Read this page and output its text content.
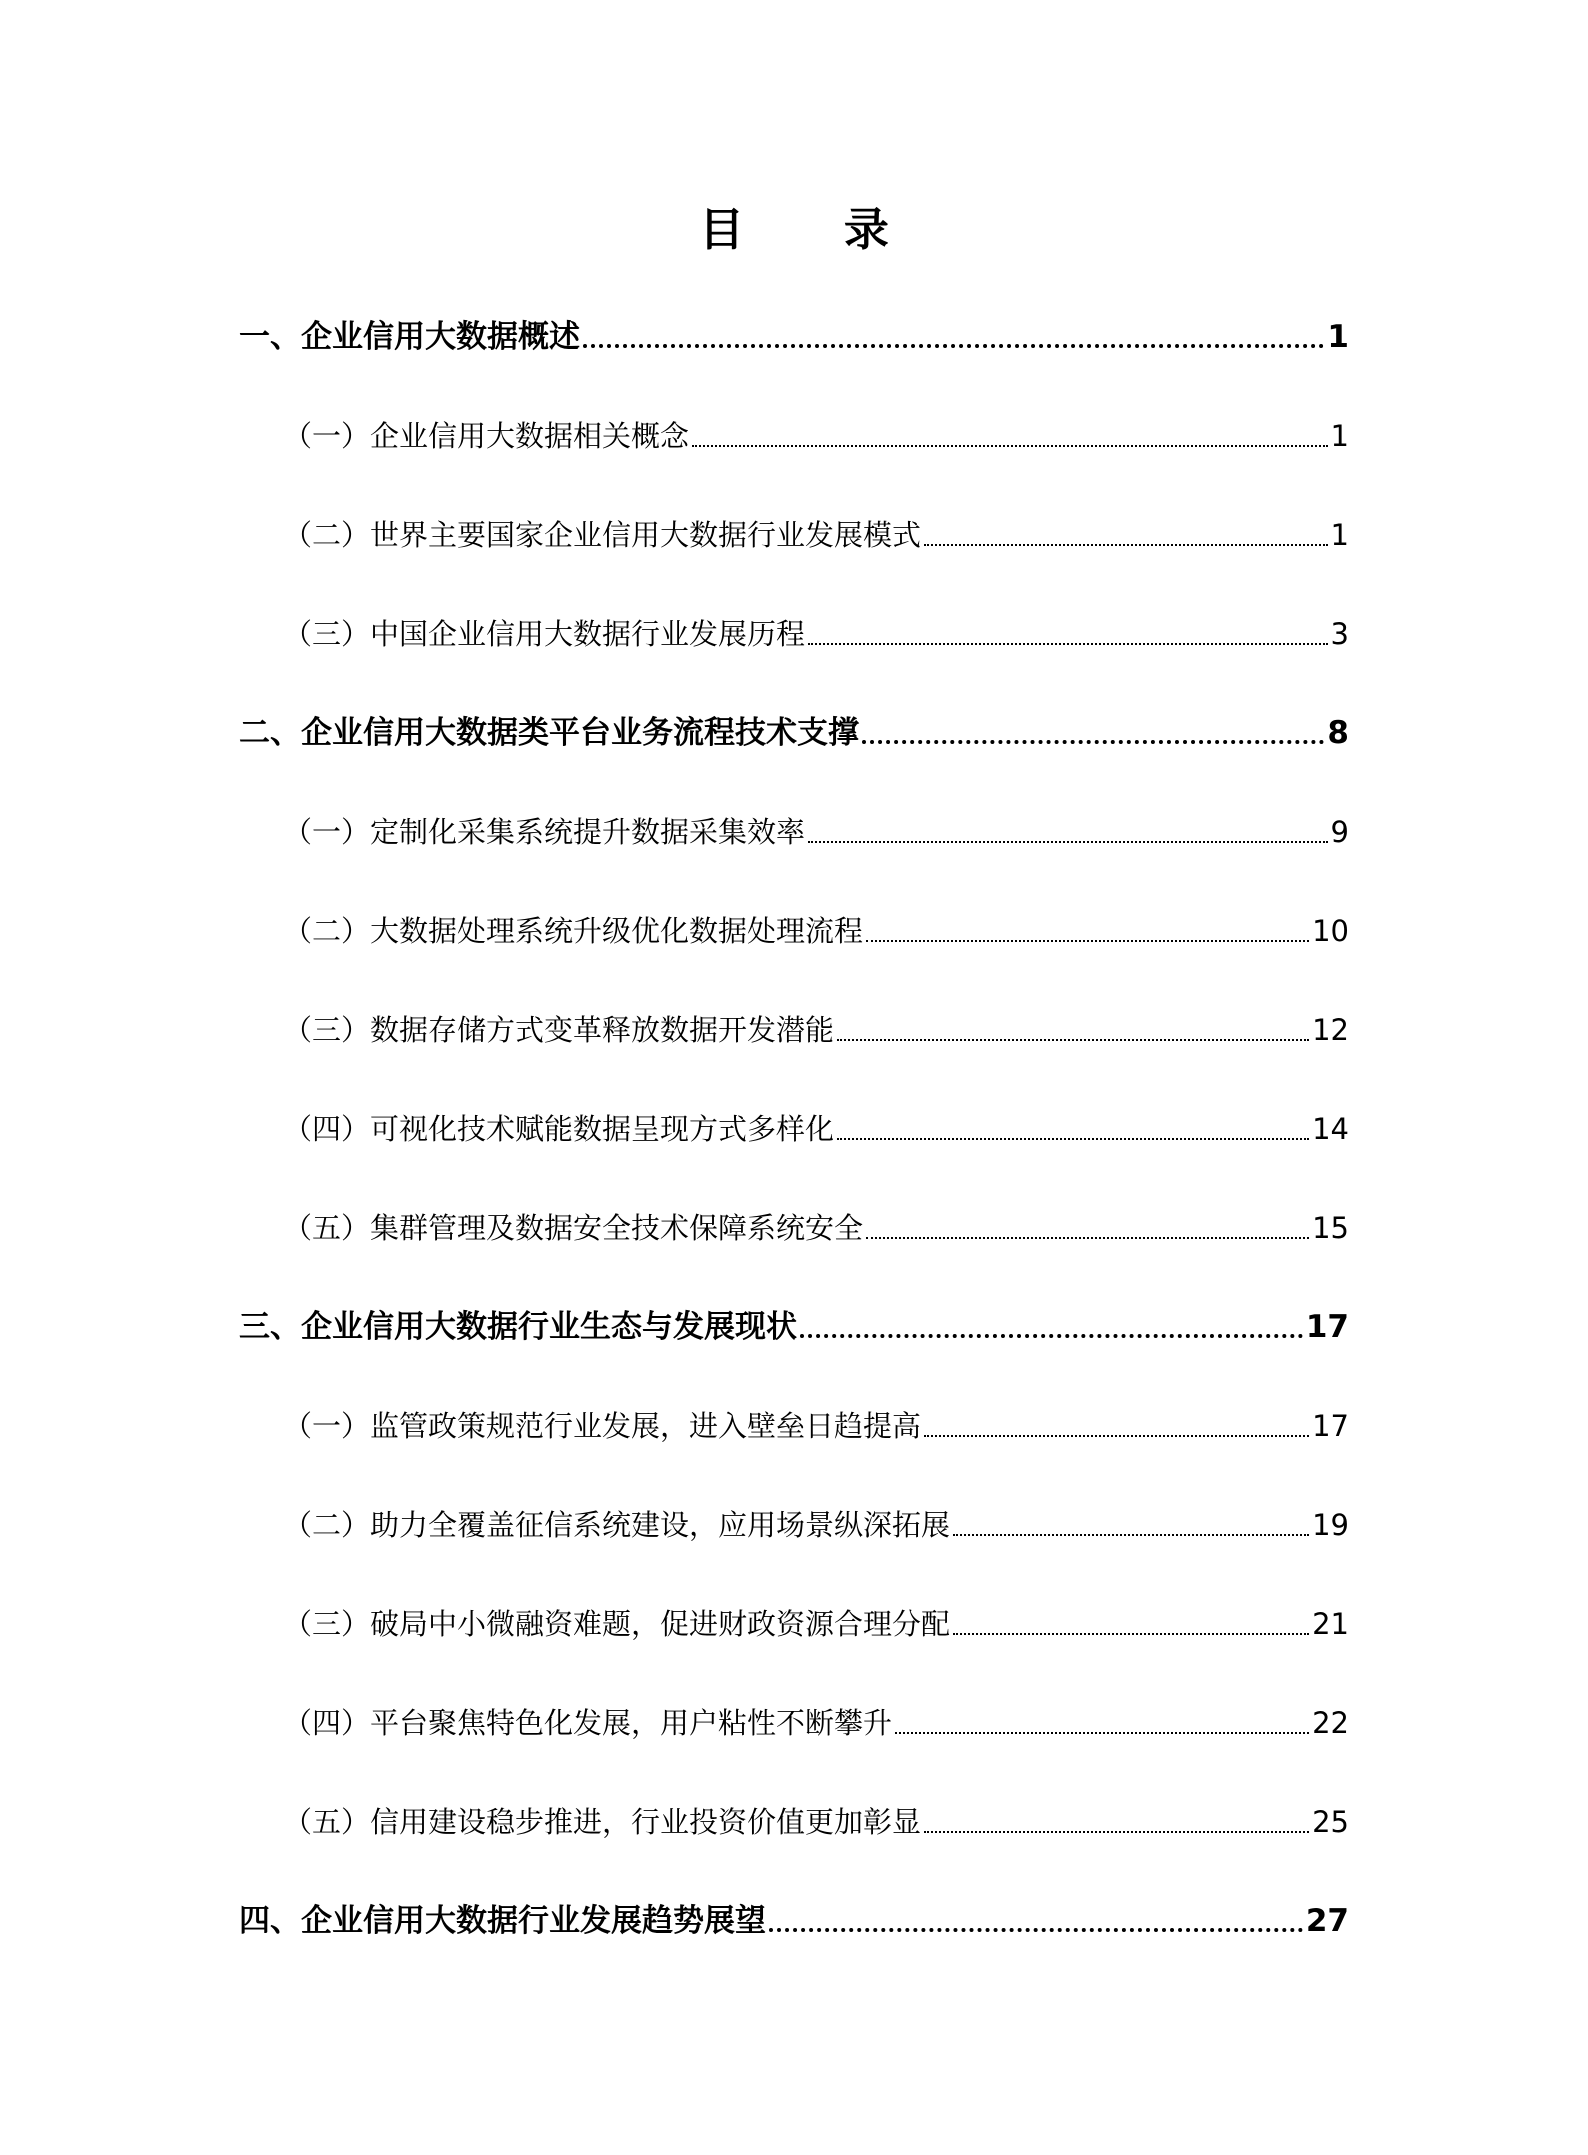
目 录
一、企业信用大数据概述	1
（一）企业信用大数据相关概念	1
（二）世界主要国家企业信用大数据行业发展模式	1
（三）中国企业信用大数据行业发展历程	3
二、企业信用大数据类平台业务流程技术支撑	8
（一）定制化采集系统提升数据采集效率	9
（二）大数据处理系统升级优化数据处理流程	10
（三）数据存储方式变革释放数据开发潜能	12
（四）可视化技术赋能数据呈现方式多样化	14
（五）集群管理及数据安全技术保障系统安全	15
三、企业信用大数据行业生态与发展现状	17
（一）监管政策规范行业发展，进入壁垒日趋提高	17
（二）助力全覆盖征信系统建设，应用场景纵深拓展	19
（三）破局中小微融资难题，促进财政资源合理分配	21
（四）平台聚焦特色化发展，用户粘性不断攀升	22
（五）信用建设稳步推进，行业投资价值更加彰显	25
四、企业信用大数据行业发展趋势展望	27
